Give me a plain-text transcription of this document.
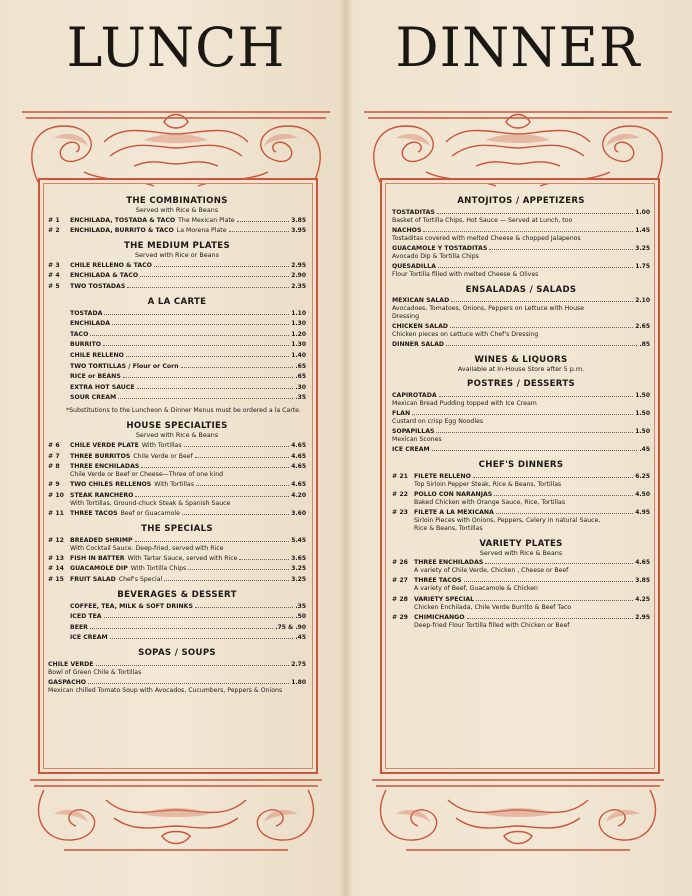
LUNCH
THE COMBINATIONS
Served with Rice & Beans
# 1	ENCHILADA, TOSTADA & TACO The Mexican Plate	3.85
# 2	ENCHILADA, BURRITO & TACO La Morena Plate	3.95
THE MEDIUM PLATES
Served with Rice or Beans
# 3	CHILE RELLENO & TACO	2.95
# 4	ENCHILADA & TACO	2.90
# 5	TWO TOSTADAS	2.35
A LA CARTE
TOSTADA	1.10
ENCHILADA	1.30
TACO	1.20
BURRITO	1.30
CHILE RELLENO	1.40
TWO TORTILLAS / Flour or Corn	.65
RICE or BEANS	.65
EXTRA HOT SAUCE	.30
SOUR CREAM	.35
*Substitutions to the Luncheon & Dinner Menus must be ordered a la Carte.
HOUSE SPECIALTIES
Served with Rice & Beans
# 6	CHILE VERDE PLATE With Tortillas	4.65
# 7	THREE BURRITOS Chile Verde or Beef	4.65
# 8	THREE ENCHILADAS	4.65
Chile Verde or Beef or Cheese—Three of one kind
# 9	TWO CHILES RELLENOS With Tortillas	4.65
# 10 STEAK RANCHERO	4.20
With Tortillas, Ground-chuck Steak & Spanish Sauce
# 11 THREE TACOS Beef or Guacamole	3.60
THE SPECIALS
# 12 BREADED SHRIMP	5.45
With Cocktail Sauce. Deep-fried, served with Rice
# 13 FISH IN BATTER With Tartar Sauce, served with Rice	3.65
# 14 GUACAMOLE DIP With Tortilla Chips	3.25
# 15 FRUIT SALAD Chef's Special	3.25
BEVERAGES & DESSERT
COFFEE, TEA, MILK & SOFT DRINKS	.35
ICED TEA	.50
BEER	.75 & .90
ICE CREAM	.45
SOPAS / SOUPS
CHILE VERDE	2.75
Bowl of Green Chile & Tortillas
GASPACHO	1.80
Mexican chilled Tomato Soup with Avocados, Cucumbers, Peppers & Onions
DINNER
ANTOJITOS / APPETIZERS
TOSTADITAS	1.00
Basket of Tortilla Chips, Hot Sauce — Served at Lunch, too
NACHOS	1.45
Tostaditas covered with melted Cheese & chopped Jalapenos
GUACAMOLE Y TOSTADITAS	3.25
Avocado Dip & Tortilla Chips
QUESADILLA	1.75
Flour Tortilla filled with melted Cheese & Olives
ENSALADAS / SALADS
MEXICAN SALAD	2.10
Avocadoes, Tomatoes, Onions, Peppers on Lettuce with House Dressing
CHICKEN SALAD	2.65
Chicken pieces on Lettuce with Chef's Dressing
DINNER SALAD	.85
WINES & LIQUORS
Available at In-House Store after 5 p.m.
POSTRES / DESSERTS
CAPIROTADA	1.50
Mexican Bread Pudding topped with Ice Cream
FLAN	1.50
Custard on crisp Egg Noodles
SOPAPILLAS	1.50
Mexican Scones
ICE CREAM	.45
CHEF'S DINNERS
# 21 FILETE RELLENO	6.25
Top Sirloin Pepper Steak, Rice & Beans, Tortillas
# 22 POLLO CON NARANJAS	4.50
Baked Chicken with Orange Sauce, Rice, Tortillas
# 23 FILETE A LA MEXICANA	4.95
Sirloin Pieces with Onions, Peppers, Celery in natural Sauce, Rice & Beans, Tortillas
VARIETY PLATES
Served with Rice & Beans
# 26 THREE ENCHILADAS	4.65
A variety of Chile Verde, Chicken , Cheese or Beef
# 27 THREE TACOS	3.85
A variety of Beef, Guacamole & Chicken
# 28 VARIETY SPECIAL	4.25
Chicken Enchilada, Chile Verde Burrito & Beef Taco
# 29 CHIMICHANGO	2.95
Deep-fried Flour Tortilla filled with Chicken or Beef
